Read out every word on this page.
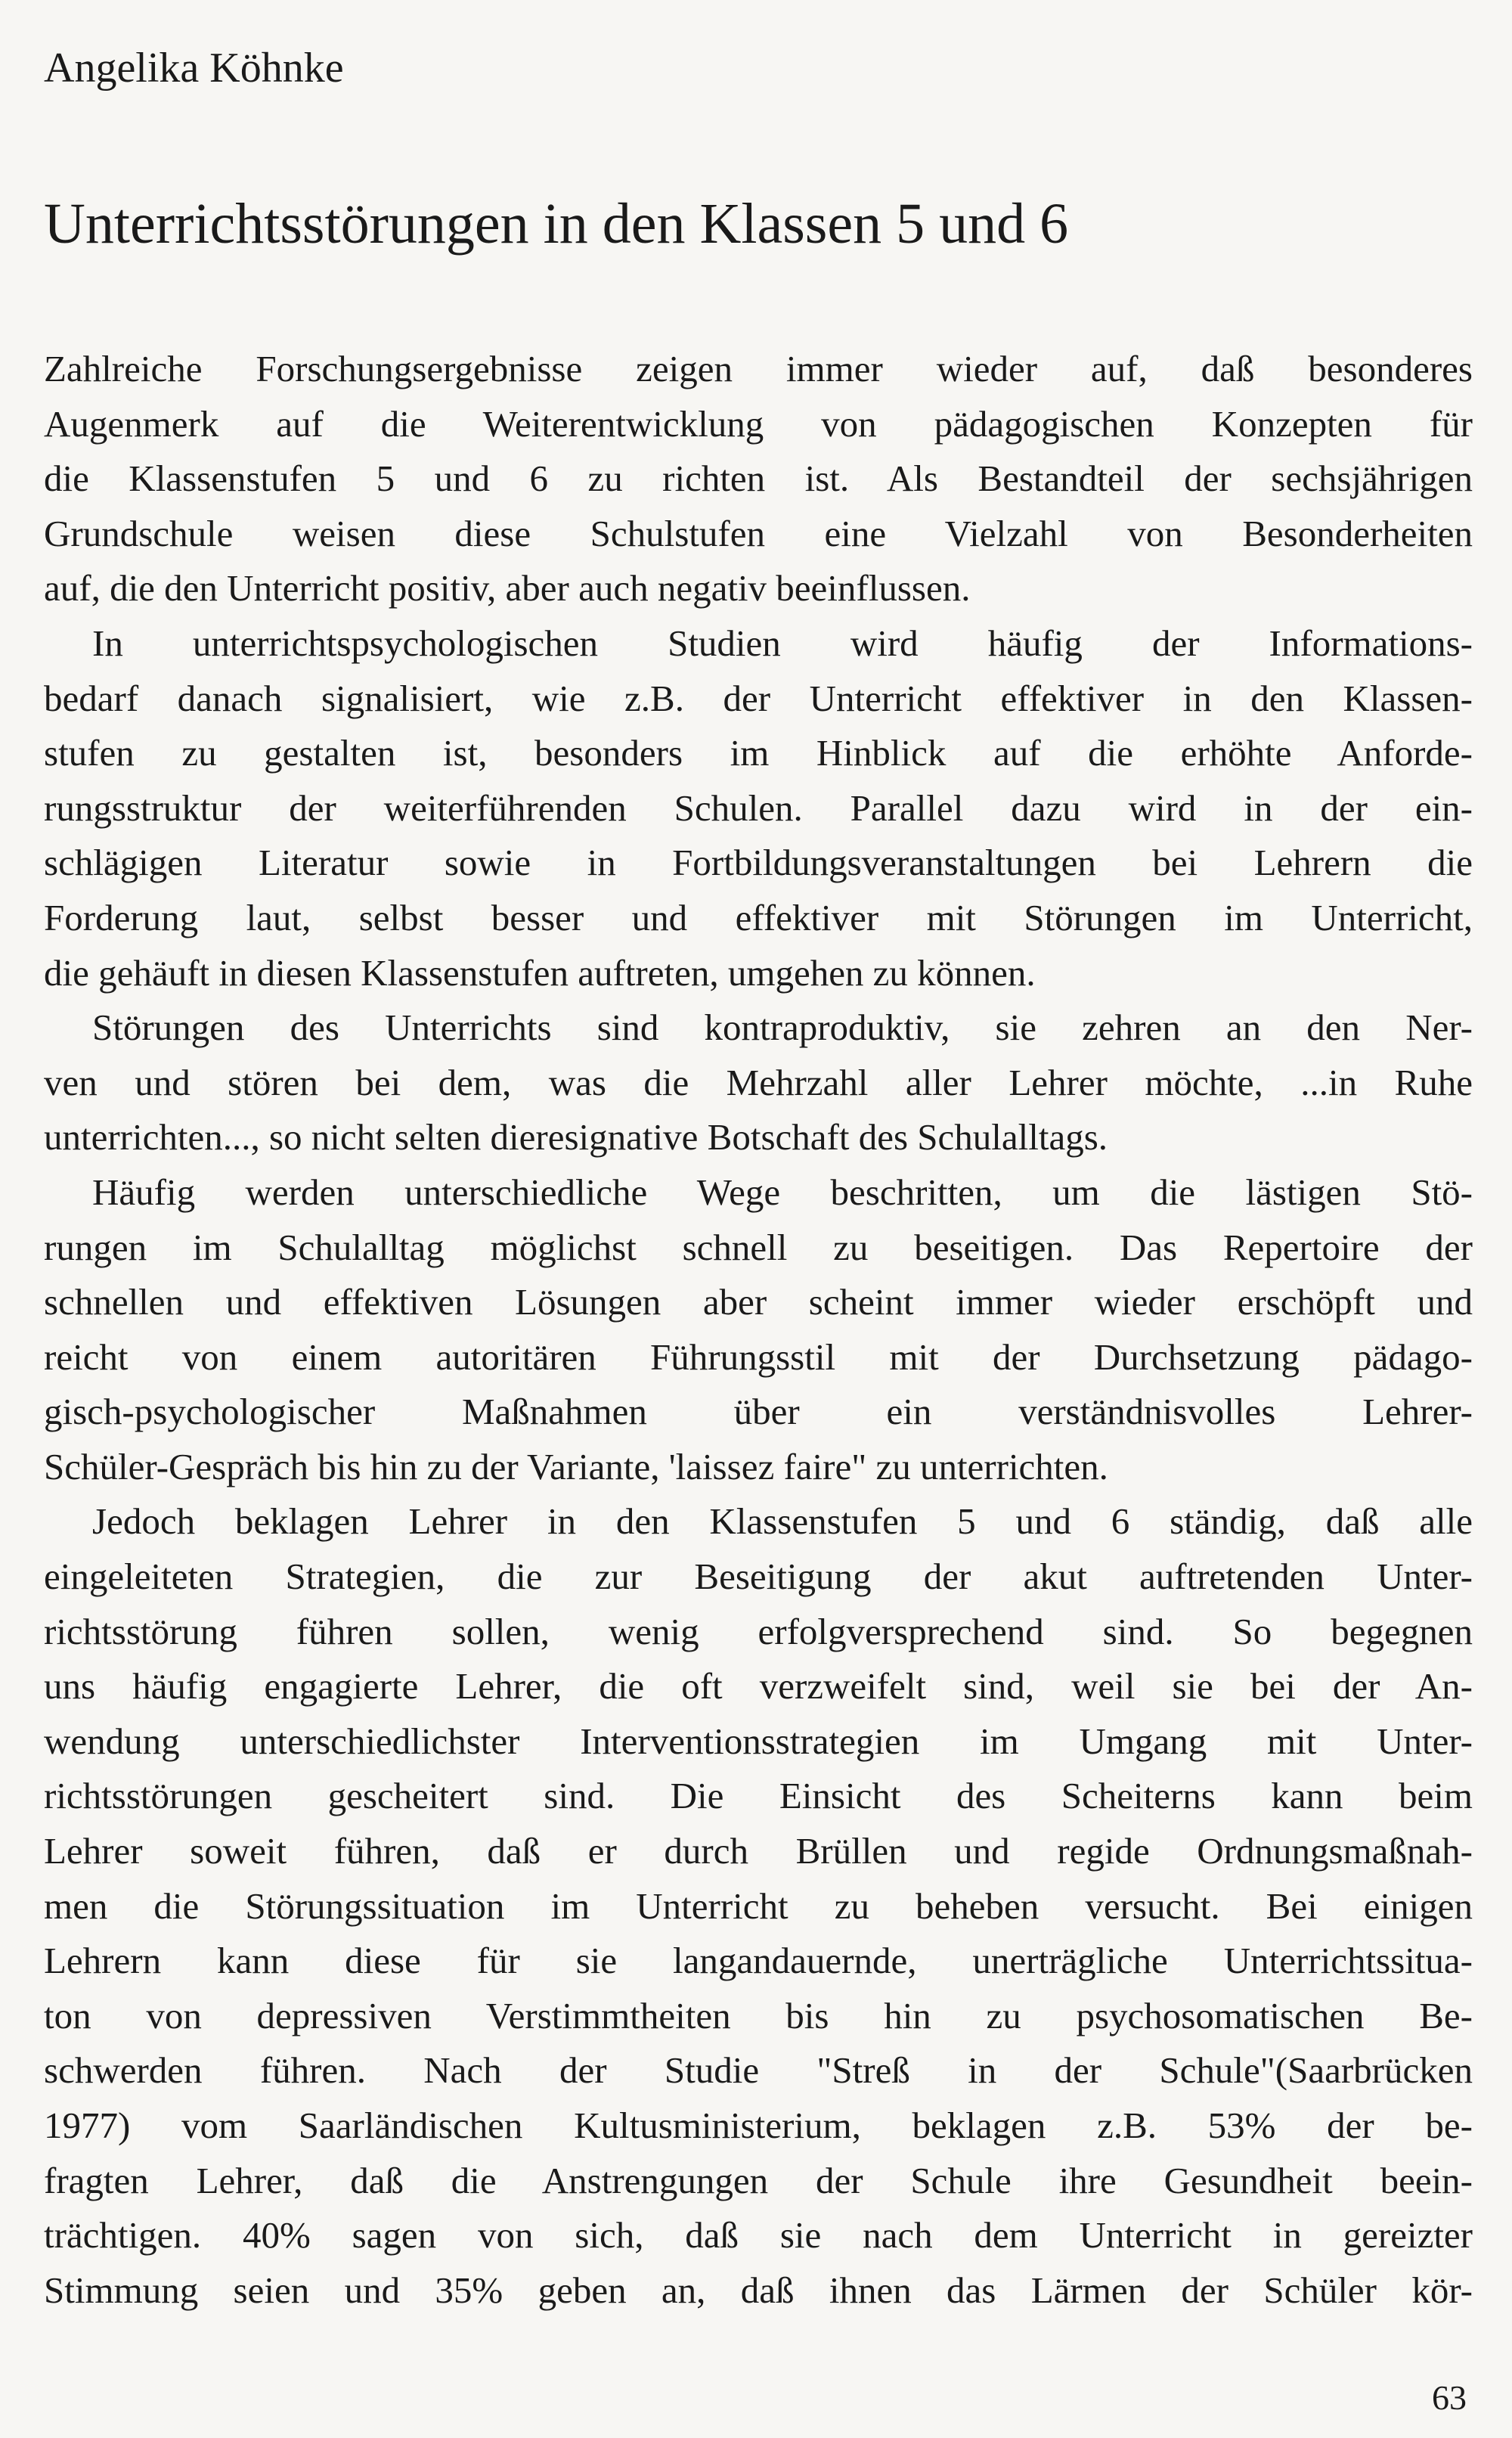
Angelika Köhnke
Unterrichtsstörungen in den Klassen 5 und 6
Zahlreiche Forschungsergebnisse zeigen immer wieder auf, daß besonderes
Augenmerk auf die Weiterentwicklung von pädagogischen Konzepten für
die Klassenstufen 5 und 6 zu richten ist. Als Bestandteil der sechsjährigen
Grundschule weisen diese Schulstufen eine Vielzahl von Besonderheiten
auf, die den Unterricht positiv, aber auch negativ beeinflussen.
In unterrichtspsychologischen Studien wird häufig der Informations-
bedarf danach signalisiert, wie z.B. der Unterricht effektiver in den Klassen-
stufen zu gestalten ist, besonders im Hinblick auf die erhöhte Anforde-
rungsstruktur der weiterführenden Schulen. Parallel dazu wird in der ein-
schlägigen Literatur sowie in Fortbildungsveranstaltungen bei Lehrern die
Forderung laut, selbst besser und effektiver mit Störungen im Unterricht,
die gehäuft in diesen Klassenstufen auftreten, umgehen zu können.
Störungen des Unterrichts sind kontraproduktiv, sie zehren an den Ner-
ven und stören bei dem, was die Mehrzahl aller Lehrer möchte, ...in Ruhe
unterrichten..., so nicht selten dieresignative Botschaft des Schulalltags.
Häufig werden unterschiedliche Wege beschritten, um die lästigen Stö-
rungen im Schulalltag möglichst schnell zu beseitigen. Das Repertoire der
schnellen und effektiven Lösungen aber scheint immer wieder erschöpft und
reicht von einem autoritären Führungsstil mit der Durchsetzung pädago-
gisch-psychologischer Maßnahmen über ein verständnisvolles Lehrer-
Schüler-Gespräch bis hin zu der Variante, 'laissez faire" zu unterrichten.
Jedoch beklagen Lehrer in den Klassenstufen 5 und 6 ständig, daß alle
eingeleiteten Strategien, die zur Beseitigung der akut auftretenden Unter-
richtsstörung führen sollen, wenig erfolgversprechend sind. So begegnen
uns häufig engagierte Lehrer, die oft verzweifelt sind, weil sie bei der An-
wendung unterschiedlichster Interventionsstrategien im Umgang mit Unter-
richtsstörungen gescheitert sind. Die Einsicht des Scheiterns kann beim
Lehrer soweit führen, daß er durch Brüllen und regide Ordnungsmaßnah-
men die Störungssituation im Unterricht zu beheben versucht. Bei einigen
Lehrern kann diese für sie langandauernde, unerträgliche Unterrichtssitua-
ton von depressiven Verstimmtheiten bis hin zu psychosomatischen Be-
schwerden führen. Nach der Studie "Streß in der Schule"(Saarbrücken
1977) vom Saarländischen Kultusministerium, beklagen z.B. 53% der be-
fragten Lehrer, daß die Anstrengungen der Schule ihre Gesundheit beein-
trächtigen. 40% sagen von sich, daß sie nach dem Unterricht in gereizter
Stimmung seien und 35% geben an, daß ihnen das Lärmen der Schüler kör-
63
